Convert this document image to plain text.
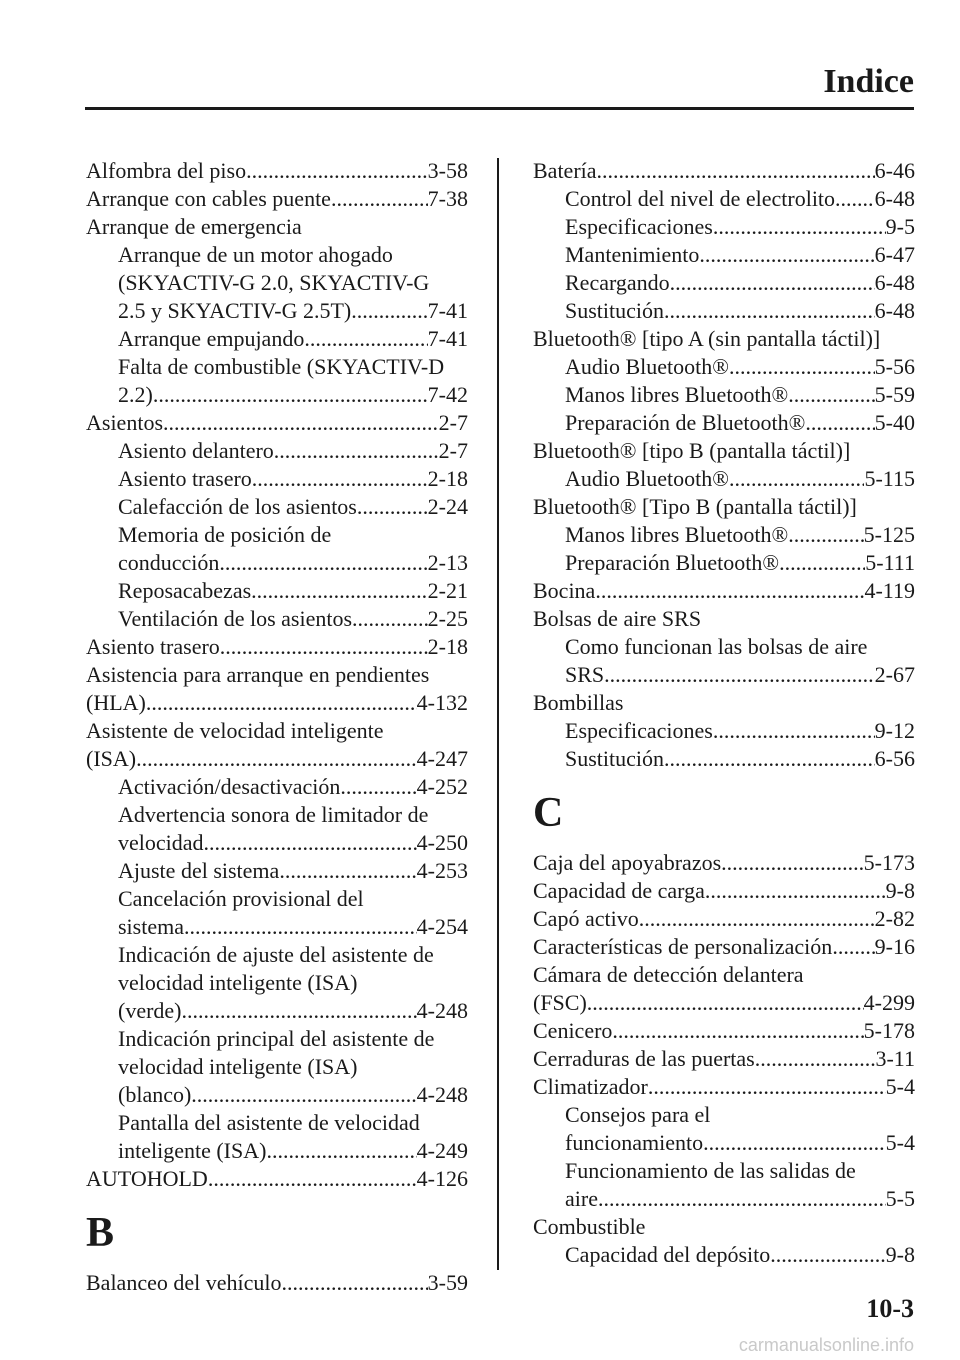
Indice
Alfombra del piso .....	3-58
Arranque con cables puente .....	7-38
Arranque de emergencia
Arranque de un motor ahogado
(SKYACTIV-G 2.0, SKYACTIV-G
2.5 y SKYACTIV-G 2.5T) .....	7-41
Arranque empujando .....	7-41
Falta de combustible (SKYACTIV-D
2.2) .....	7-42
Asientos .....	2-7
Asiento delantero .....	2-7
Asiento trasero .....	2-18
Calefacción de los asientos .....	2-24
Memoria de posición de
conducción .....	2-13
Reposacabezas .....	2-21
Ventilación de los asientos .....	2-25
Asiento trasero .....	2-18
Asistencia para arranque en pendientes
(HLA) .....	4-132
Asistente de velocidad inteligente
(ISA) .....	4-247
Activación/desactivación .....	4-252
Advertencia sonora de limitador de
velocidad .....	4-250
Ajuste del sistema .....	4-253
Cancelación provisional del
sistema .....	4-254
Indicación de ajuste del asistente de
velocidad inteligente (ISA)
(verde) .....	4-248
Indicación principal del asistente de
velocidad inteligente (ISA)
(blanco) .....	4-248
Pantalla del asistente de velocidad
inteligente (ISA) .....	4-249
AUTOHOLD .....	4-126
B
Balanceo del vehículo .....	3-59
Batería .....	6-46
Control del nivel de electrolito ..... 6-48
Especificaciones .....	9-5
Mantenimiento .....	6-47
Recargando .....	6-48
Sustitución .....	6-48
Bluetooth® [tipo A (sin pantalla táctil)]
Audio Bluetooth® .....	5-56
Manos libres Bluetooth® .....	5-59
Preparación de Bluetooth® .....	5-40
Bluetooth® [tipo B (pantalla táctil)]
Audio Bluetooth® .....	5-115
Bluetooth® [Tipo B (pantalla táctil)]
Manos libres Bluetooth® .....	5-125
Preparación Bluetooth® .....	5-111
Bocina .....	4-119
Bolsas de aire SRS
Como funcionan las bolsas de aire
SRS .....	2-67
Bombillas
Especificaciones .....	9-12
Sustitución .....	6-56
C
Caja del apoyabrazos .....	5-173
Capacidad de carga .....	9-8
Capó activo .....	2-82
Características de personalización ..... 9-16
Cámara de detección delantera
(FSC) .....	4-299
Cenicero .....	5-178
Cerraduras de las puertas .....	3-11
Climatizador .....	5-4
Consejos para el
funcionamiento .....	5-4
Funcionamiento de las salidas de
aire .....	5-5
Combustible
Capacidad del depósito .....	9-8
10-3
carmanualsonline.info
